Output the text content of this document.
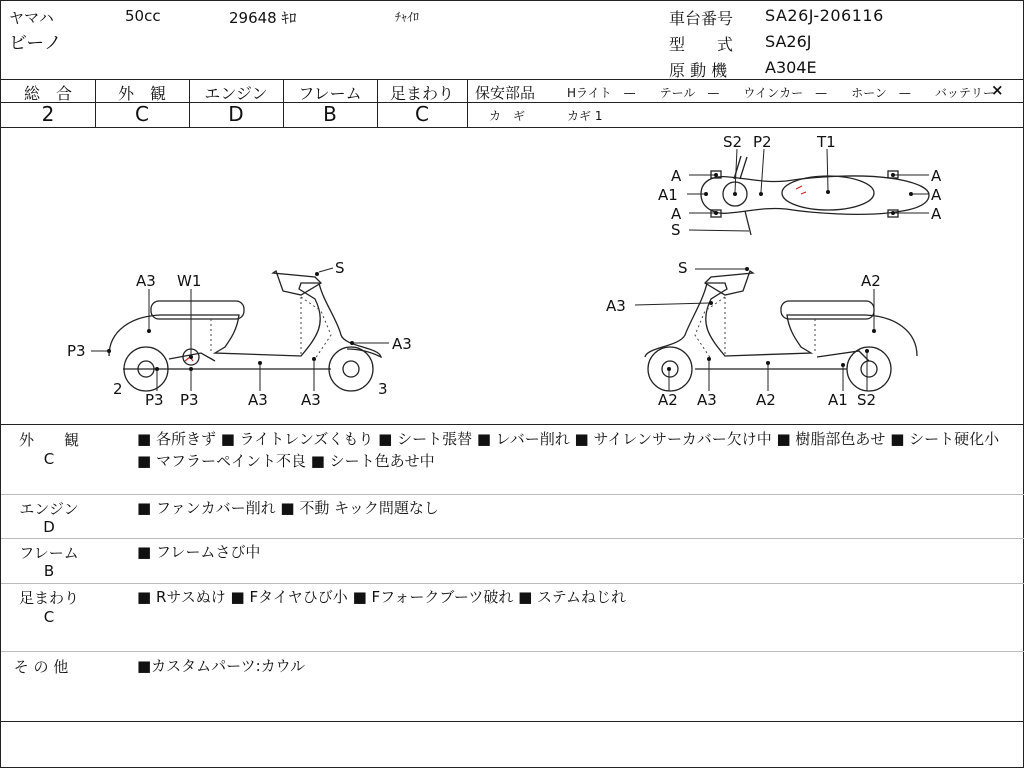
ヤマハ	50cc	29648 ｷﾛ	ﾁｬｲﾛ
ビーノ
車台番号 SA26J-206116
型　　式 SA26J
原 動 機 A304E
総　合	外　観	エンジン	フレーム	足まわり
2	C	D	B	C
保安部品	Hライト　—　　テール　—　　ウインカー　—　　ホーン　—　　バッテリー
×
カ　ギ	カギ 1
S2 P2	T1
A
A1
A
S
A
A
A
S
A3 W1
P3	A3
2
P3 P3	A3 A3
3
S
A2
A3
A2 A3	A2	A1 S2
外　　観
C
■ 各所きず ■ ライトレンズくもり ■ シート張替 ■ レバー削れ ■ サイレンサーカバー欠け中 ■ 樹脂部色あせ ■ シート硬化小 ■ マフラーペイント不良 ■ シート色あせ中
エンジン
D
■ ファンカバー削れ ■ 不動 キック問題なし
フレーム
B
■ フレームさび中
足まわり
C
■ Rサスぬけ ■ Fタイヤひび小 ■ Fフォークブーツ破れ ■ ステムねじれ
そ の 他	■カスタムパーツ:カウル
